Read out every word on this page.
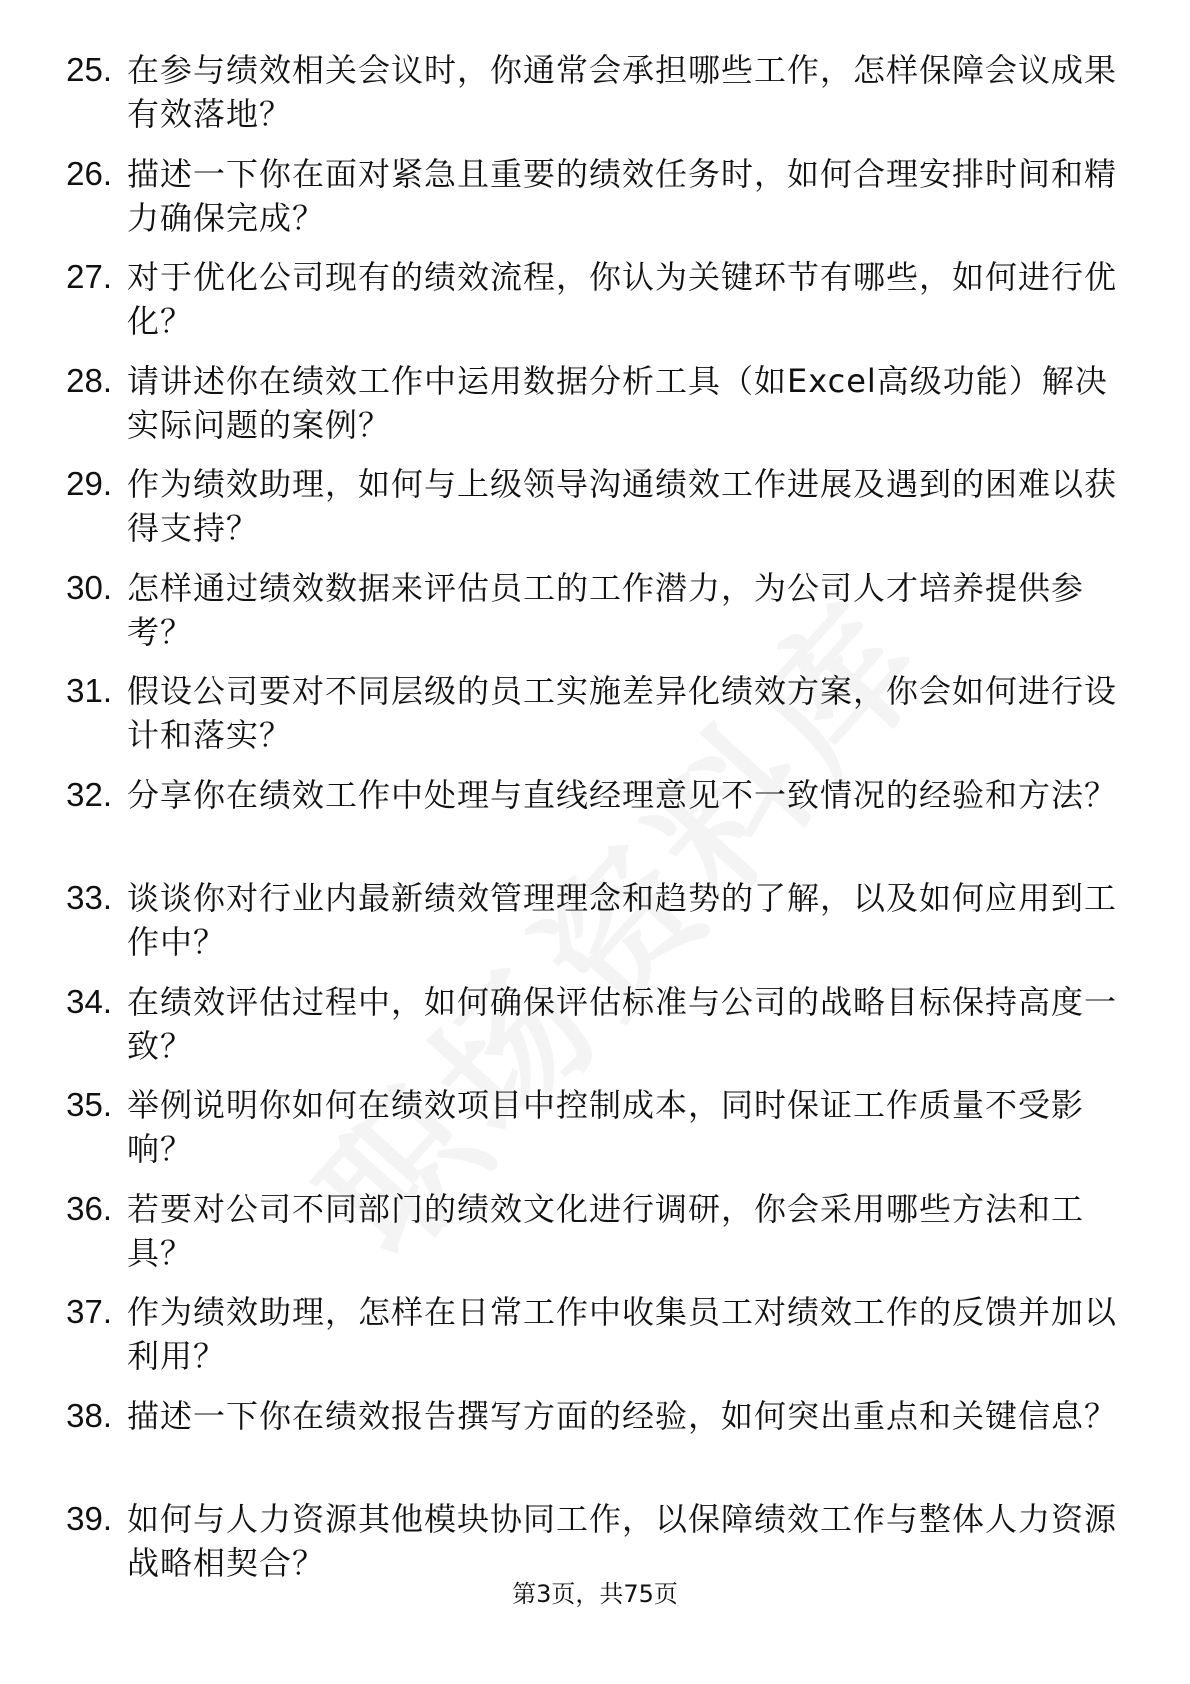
25. 在参与绩效相关会议时，你通常会承担哪些工作，怎样保障会议成果有效落地？
26. 描述一下你在面对紧急且重要的绩效任务时，如何合理安排时间和精力确保完成？
27. 对于优化公司现有的绩效流程，你认为关键环节有哪些，如何进行优化？
28. 请讲述你在绩效工作中运用数据分析工具（如Excel高级功能）解决实际问题的案例？
29. 作为绩效助理，如何与上级领导沟通绩效工作进展及遇到的困难以获得支持？
30. 怎样通过绩效数据来评估员工的工作潜力，为公司人才培养提供参考？
31. 假设公司要对不同层级的员工实施差异化绩效方案，你会如何进行设计和落实？
32. 分享你在绩效工作中处理与直线经理意见不一致情况的经验和方法？
33. 谈谈你对行业内最新绩效管理理念和趋势的了解，以及如何应用到工作中？
34. 在绩效评估过程中，如何确保评估标准与公司的战略目标保持高度一致？
35. 举例说明你如何在绩效项目中控制成本，同时保证工作质量不受影响？
36. 若要对公司不同部门的绩效文化进行调研，你会采用哪些方法和工具？
37. 作为绩效助理，怎样在日常工作中收集员工对绩效工作的反馈并加以利用？
38. 描述一下你在绩效报告撰写方面的经验，如何突出重点和关键信息？
39. 如何与人力资源其他模块协同工作，以保障绩效工作与整体人力资源战略相契合？
第3页，共75页
